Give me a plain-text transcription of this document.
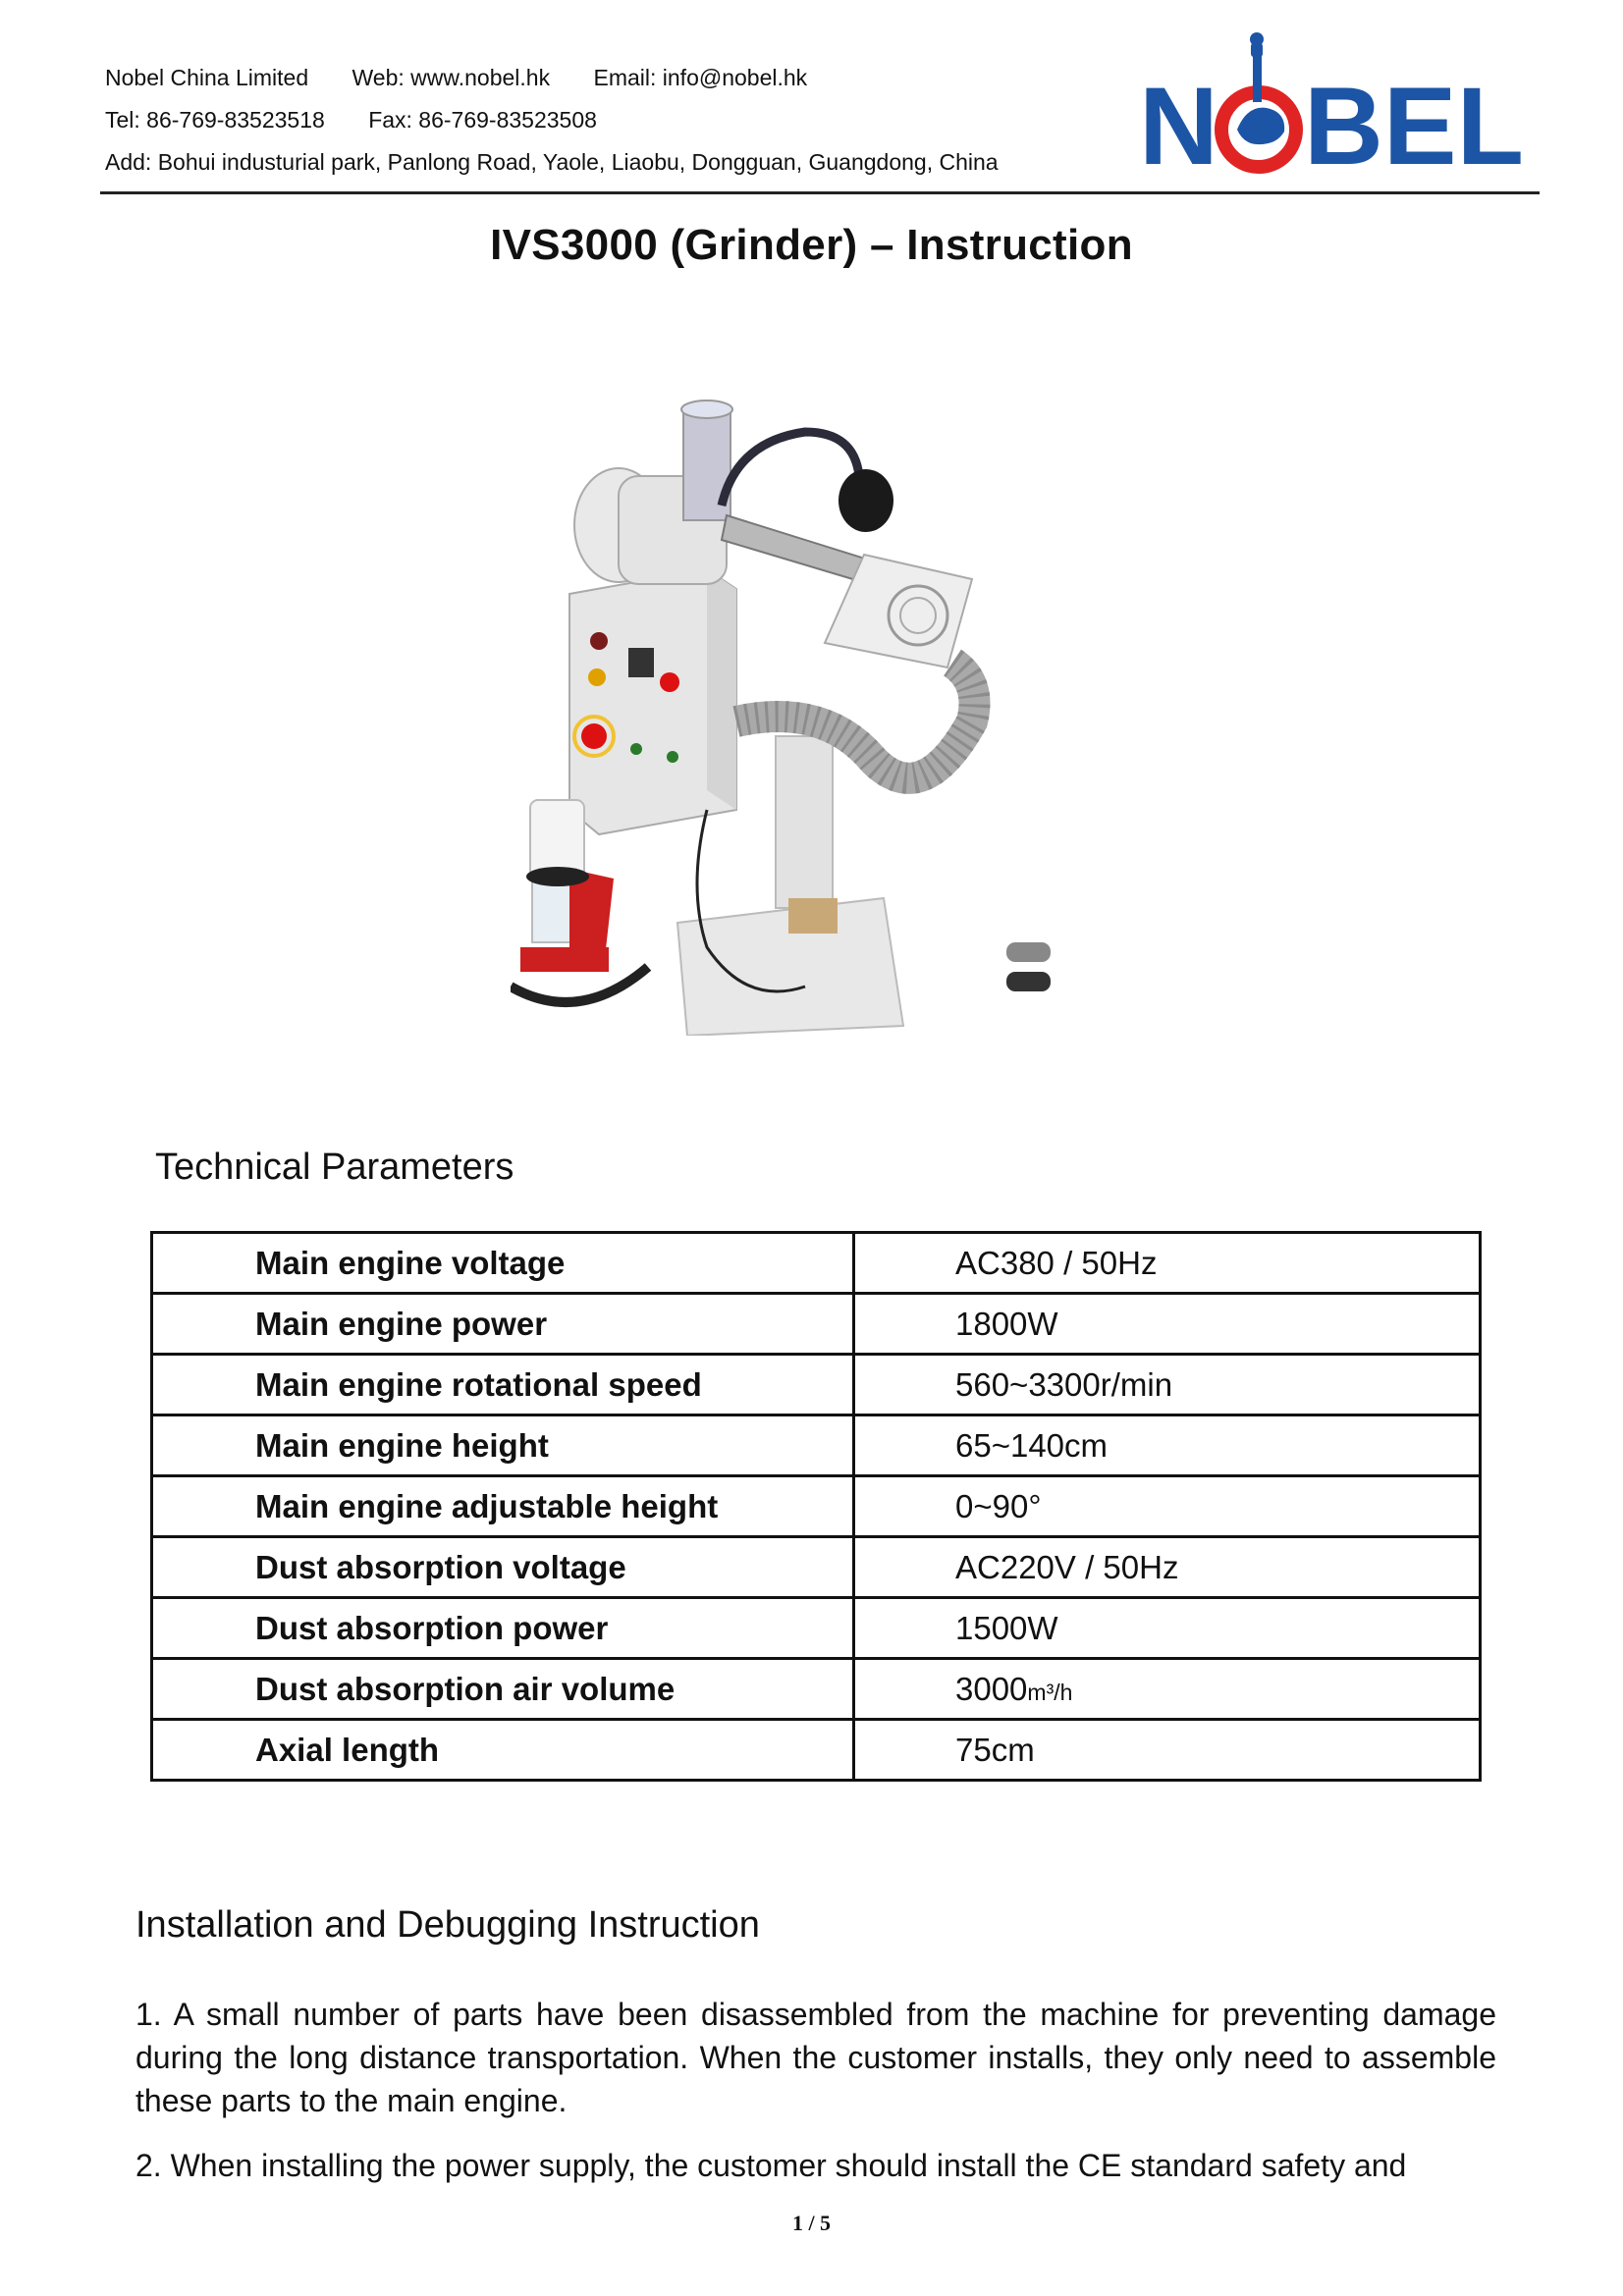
Nobel China Limited Web: www.nobel.hk Email: info@nobel.hk
Tel: 86-769-83523518 Fax: 86-769-83523508
Add: Bohui industurial park, Panlong Road, Yaole, Liaobu, Dongguan, Guangdong, China	N BEL
IVS3000 (Grinder) – Instruction
Technical Parameters
Main engine voltage	AC380 / 50Hz
Main engine power	1800W
Main engine rotational speed	560~3300r/min
Main engine height	65~140cm
Main engine adjustable height	0~90°
Dust absorption voltage	AC220V / 50Hz
Dust absorption power	1500W
Dust absorption air volume	3000m³/h
Axial length	75cm
Installation and Debugging Instruction
1. A small number of parts have been disassembled from the machine for preventing damage during the long distance transportation. When the customer installs, they only need to assemble these parts to the main engine.
2. When installing the power supply, the customer should install the CE standard safety and
1 / 5
